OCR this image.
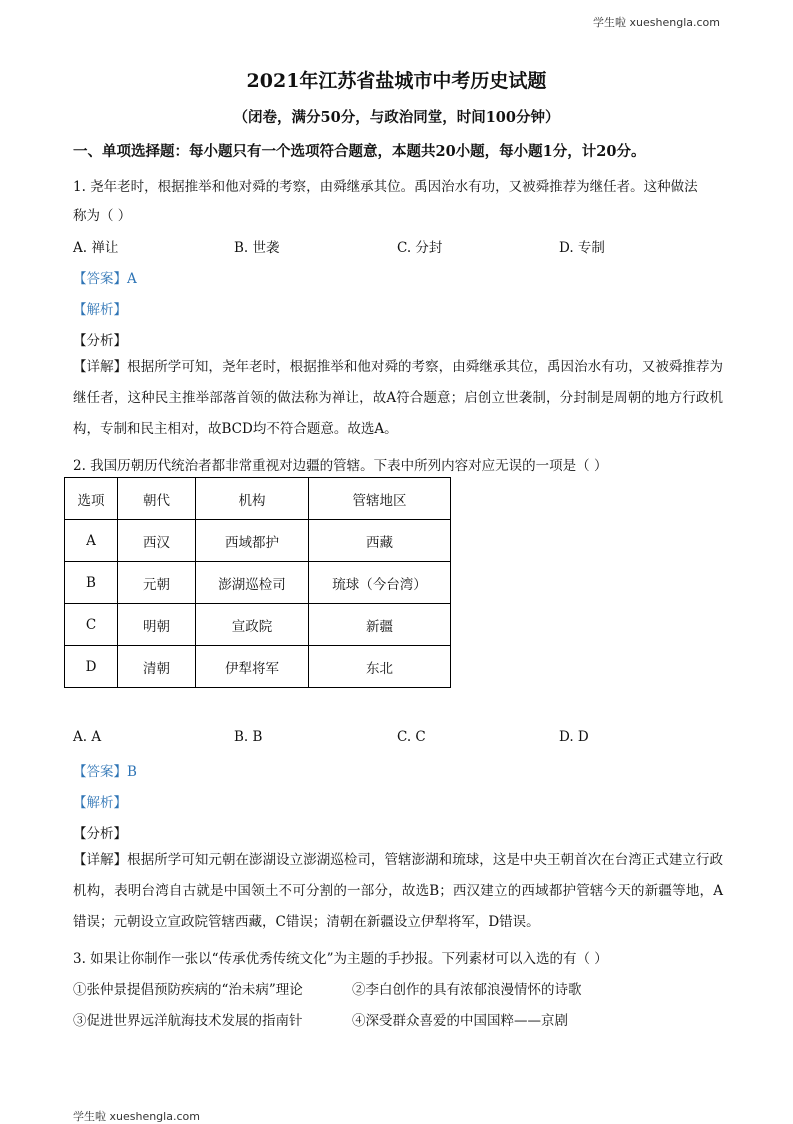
学生啦 xueshengla.com
2021年江苏省盐城市中考历史试题
（闭卷，满分50分，与政治同堂，时间100分钟）
一、单项选择题：每小题只有一个选项符合题意，本题共20小题，每小题1分，计20分。
1. 尧年老时，根据推举和他对舜的考察，由舜继承其位。禹因治水有功，又被舜推荐为继任者。这种做法
称为（ ）
A. 禅让	B. 世袭	C. 分封	D. 专制
【答案】A
【解析】
【分析】
【详解】根据所学可知，尧年老时，根据推举和他对舜的考察，由舜继承其位，禹因治水有功，又被舜推荐为继任者，这种民主推举部落首领的做法称为禅让，故A符合题意；启创立世袭制，分封制是周朝的地方行政机构，专制和民主相对，故BCD均不符合题意。故选A。
2. 我国历朝历代统治者都非常重视对边疆的管辖。下表中所列内容对应无误的一项是（ ）
选项	朝代	机构	管辖地区
A	西汉	西域都护	西藏
B	元朝	澎湖巡检司	琉球（今台湾）
C	明朝	宣政院	新疆
D	清朝	伊犁将军	东北
A. A	B. B	C. C	D. D
【答案】B
【解析】
【分析】
【详解】根据所学可知元朝在澎湖设立澎湖巡检司，管辖澎湖和琉球，这是中央王朝首次在台湾正式建立行政机构，表明台湾自古就是中国领土不可分割的一部分，故选B；西汉建立的西域都护管辖今天的新疆等地，A错误；元朝设立宣政院管辖西藏，C错误；清朝在新疆设立伊犁将军，D错误。
3. 如果让你制作一张以“传承优秀传统文化”为主题的手抄报。下列素材可以入选的有（ ）
①张仲景提倡预防疾病的“治未病”理论	②李白创作的具有浓郁浪漫情怀的诗歌
③促进世界远洋航海技术发展的指南针	④深受群众喜爱的中国国粹——京剧
学生啦 xueshengla.com
